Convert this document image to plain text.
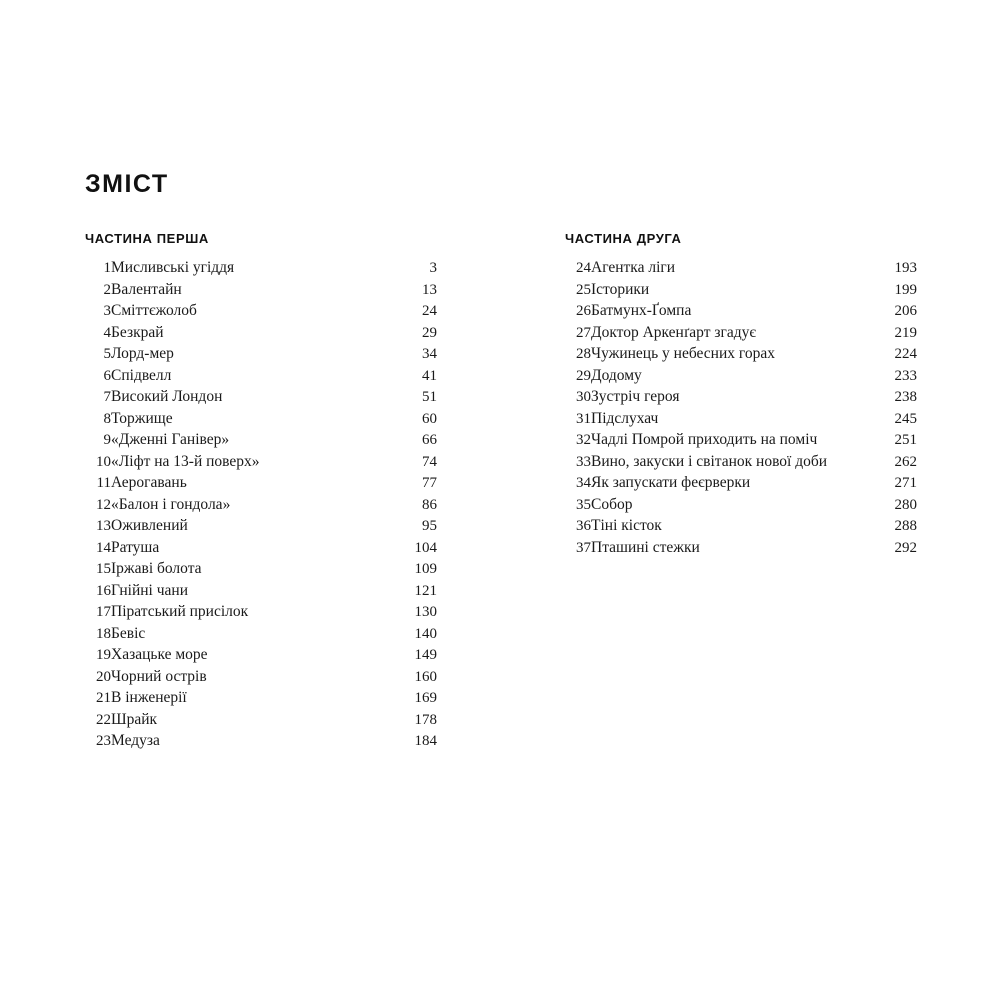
ЗМІСТ
ЧАСТИНА ПЕРША
1	Мисливські угіддя	3
2	Валентайн	13
3	Сміттєжолоб	24
4	Безкрай	29
5	Лорд-мер	34
6	Спідвелл	41
7	Високий Лондон	51
8	Торжище	60
9	«Дженні Ганівер»	66
10	«Ліфт на 13-й поверх»	74
11	Аерогавань	77
12	«Балон і гондола»	86
13	Оживлений	95
14	Ратуша	104
15	Іржаві болота	109
16	Гнійні чани	121
17	Піратський присілок	130
18	Бевіс	140
19	Хазацьке море	149
20	Чорний острів	160
21	В інженерії	169
22	Шрайк	178
23	Медуза	184
ЧАСТИНА ДРУГА
24	Агентка ліги	193
25	Історики	199
26	Батмунх-Ґомпа	206
27	Доктор Аркенґарт згадує	219
28	Чужинець у небесних горах	224
29	Додому	233
30	Зустріч героя	238
31	Підслухач	245
32	Чадлі Помрой приходить на поміч	251
33	Вино, закуски і світанок нової доби	262
34	Як запускати феєрверки	271
35	Собор	280
36	Тіні кісток	288
37	Пташині стежки	292
